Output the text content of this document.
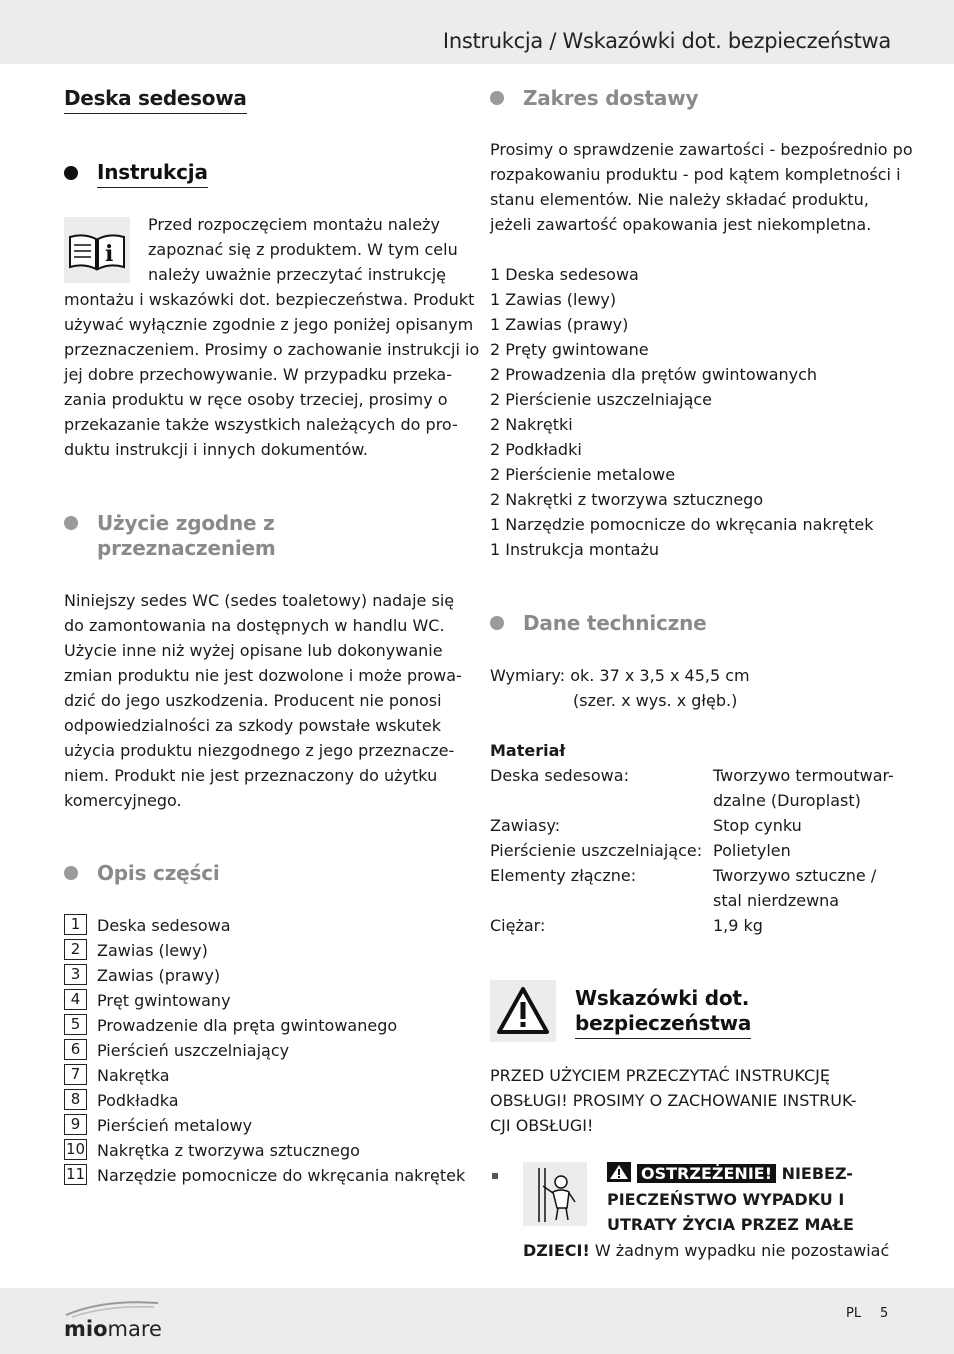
Instrukcja / Wskazówki dot. bezpieczeństwa
Deska sedesowa
Instrukcja
i
Przed rozpoczęciem montażu należy
zapoznać się z produktem. W tym celu
należy uważnie przeczytać instrukcję
montażu i wskazówki dot. bezpieczeństwa. Produkt
używać wyłącznie zgodnie z jego poniżej opisanym
przeznaczeniem. Prosimy o zachowanie instrukcji io
jej dobre przechowywanie. W przypadku przeka-
zania produktu w ręce osoby trzeciej, prosimy o
przekazanie także wszystkich należących do pro-
duktu instrukcji i innych dokumentów.
Użycie zgodne z
przeznaczeniem
Niniejszy sedes WC (sedes toaletowy) nadaje się
do zamontowania na dostępnych w handlu WC.
Użycie inne niż wyżej opisane lub dokonywanie
zmian produktu nie jest dozwolone i może prowa-
dzić do jego uszkodzenia. Producent nie ponosi
odpowiedzialności za szkody powstałe wskutek
użycia produktu niezgodnego z jego przeznacze-
niem. Produkt nie jest przeznaczony do użytku
komercyjnego.
Opis części
1	Deska sedesowa
2	Zawias (lewy)
3	Zawias (prawy)
4	Pręt gwintowany
5	Prowadzenie dla pręta gwintowanego
6	Pierścień uszczelniający
7	Nakrętka
8	Podkładka
9	Pierścień metalowy
10 Nakrętka z tworzywa sztucznego
11 Narzędzie pomocnicze do wkręcania nakrętek
Zakres dostawy
Prosimy o sprawdzenie zawartości - bezpośrednio po
rozpakowaniu produktu - pod kątem kompletności i
stanu elementów. Nie należy składać produktu,
jeżeli zawartość opakowania jest niekompletna.
1 Deska sedesowa
1 Zawias (lewy)
1 Zawias (prawy)
2 Pręty gwintowane
2 Prowadzenia dla prętów gwintowanych
2 Pierścienie uszczelniające
2 Nakrętki
2 Podkładki
2 Pierścienie metalowe
2 Nakrętki z tworzywa sztucznego
1 Narzędzie pomocnicze do wkręcania nakrętek
1 Instrukcja montażu
Dane techniczne
Wymiary: ok. 37 x 3,5 x 45,5 cm
(szer. x wys. x głęb.)
Materiał
Deska sedesowa:	Tworzywo termoutwar-
dzalne (Duroplast)
Zawiasy:	Stop cynku
Pierścienie uszczelniające: Polietylen
Elementy złączne:	Tworzywo sztuczne /
stal nierdzewna
Ciężar:	1,9 kg
Wskazówki dot.
bezpieczeństwa
PRZED UŻYCIEM PRZECZYTAĆ INSTRUKCJĘ
OBSŁUGI! PROSIMY O ZACHOWANIE INSTRUK-
CJI OBSŁUGI!
OSTRZEŻENIE! NIEBEZ-
PIECZEŃSTWO WYPADKU I
UTRATY ŻYCIA PRZEZ MAŁE
DZIECI! W żadnym wypadku nie pozostawiać
miomare
PL 5
